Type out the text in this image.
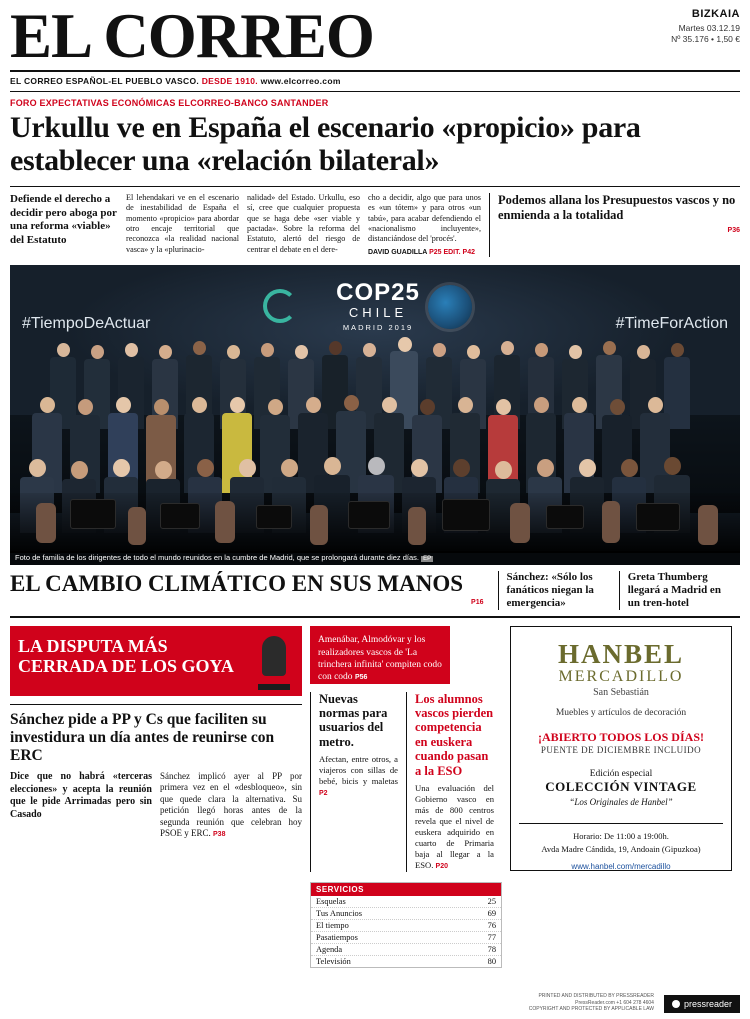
EL CORREO	BIZKAIA
Martes 03.12.19
Nº 35.176 • 1,50 €
EL CORREO ESPAÑOL-EL PUEBLO VASCO. DESDE 1910. www.elcorreo.com
FORO EXPECTATIVAS ECONÓMICAS ELCORREO-BANCO SANTANDER
Urkullu ve en España el escenario «propicio» para establecer una «relación bilateral»
Defiende el derecho a decidir pero aboga por una reforma «viable» del Estatuto
El lehendakari ve en el escenario de inestabilidad de España el momento «propicio» para abordar otro encaje territorial que reconozca «la realidad nacional vasca» y la «plurinacio-
nalidad» del Estado. Urkullu, eso sí, cree que cualquier propuesta que se haga debe «ser viable y pactada». Sobre la reforma del Estatuto, alertó del riesgo de centrar el debate en el dere-
cho a decidir, algo que para unos es «un tótem» y para otros «un tabú», para acabar defendiendo el «nacionalismo incluyente», distanciándose del 'procés'.
DAVID GUADILLA P25 EDIT. P42
Podemos allana los Presupuestos vascos y no enmienda a la totalidad
P36
COP25
CHILE
MADRID 2019
#TiempoDeActuar	#TimeForAction
Foto de familia de los dirigentes de todo el mundo reunidos en la cumbre de Madrid, que se prolongará durante diez días. EP
EL CAMBIO CLIMÁTICO EN SUS MANOS
P16
Sánchez: «Sólo los fanáticos niegan la emergencia»
Greta Thumberg llegará a Madrid en un tren-hotel
LA DISPUTA MÁS CERRADA DE LOS GOYA
Sánchez pide a PP y Cs que faciliten su investidura un día antes de reunirse con ERC
Dice que no habrá «terceras elecciones» y acepta la reunión que le pide Arrimadas pero sin Casado
Sánchez implicó ayer al PP por primera vez en el «desbloqueo», sin que quede clara la alternativa. Su petición llegó horas antes de la segunda reunión que celebran hoy PSOE y ERC. P38
Amenábar, Almodóvar y los realizadores vascos de 'La trinchera infinita' compiten codo con codo P56
Nuevas normas para usuarios del metro.
Afectan, entre otros, a viajeros con sillas de bebé, bicis y maletas P2
Los alumnos vascos pierden competencia en euskera cuando pasan a la ESO
Una evaluación del Gobierno vasco en más de 800 centros revela que el nivel de euskera adquirido en cuarto de Primaria baja al llegar a la ESO. P20
SERVICIOS
Esquelas	25
Tus Anuncios	69
El tiempo	76
Pasatiempos	77
Agenda	78
Televisión	80
HANBEL
MERCADILLO
San Sebastián
Muebles y artículos de decoración
¡ABIERTO TODOS LOS DÍAS!
PUENTE DE DICIEMBRE INCLUIDO
Edición especial
COLECCIÓN VINTAGE
“Los Originales de Hanbel”
Horario: De 11:00 a 19:00h.
Avda Madre Cándida, 19, Andoain (Gipuzkoa)
www.hanbel.com/mercadillo
PRINTED AND DISTRIBUTED BY PRESSREADER
PressReader.com +1 604 278 4604
COPYRIGHT AND PROTECTED BY APPLICABLE LAW
pressreader
